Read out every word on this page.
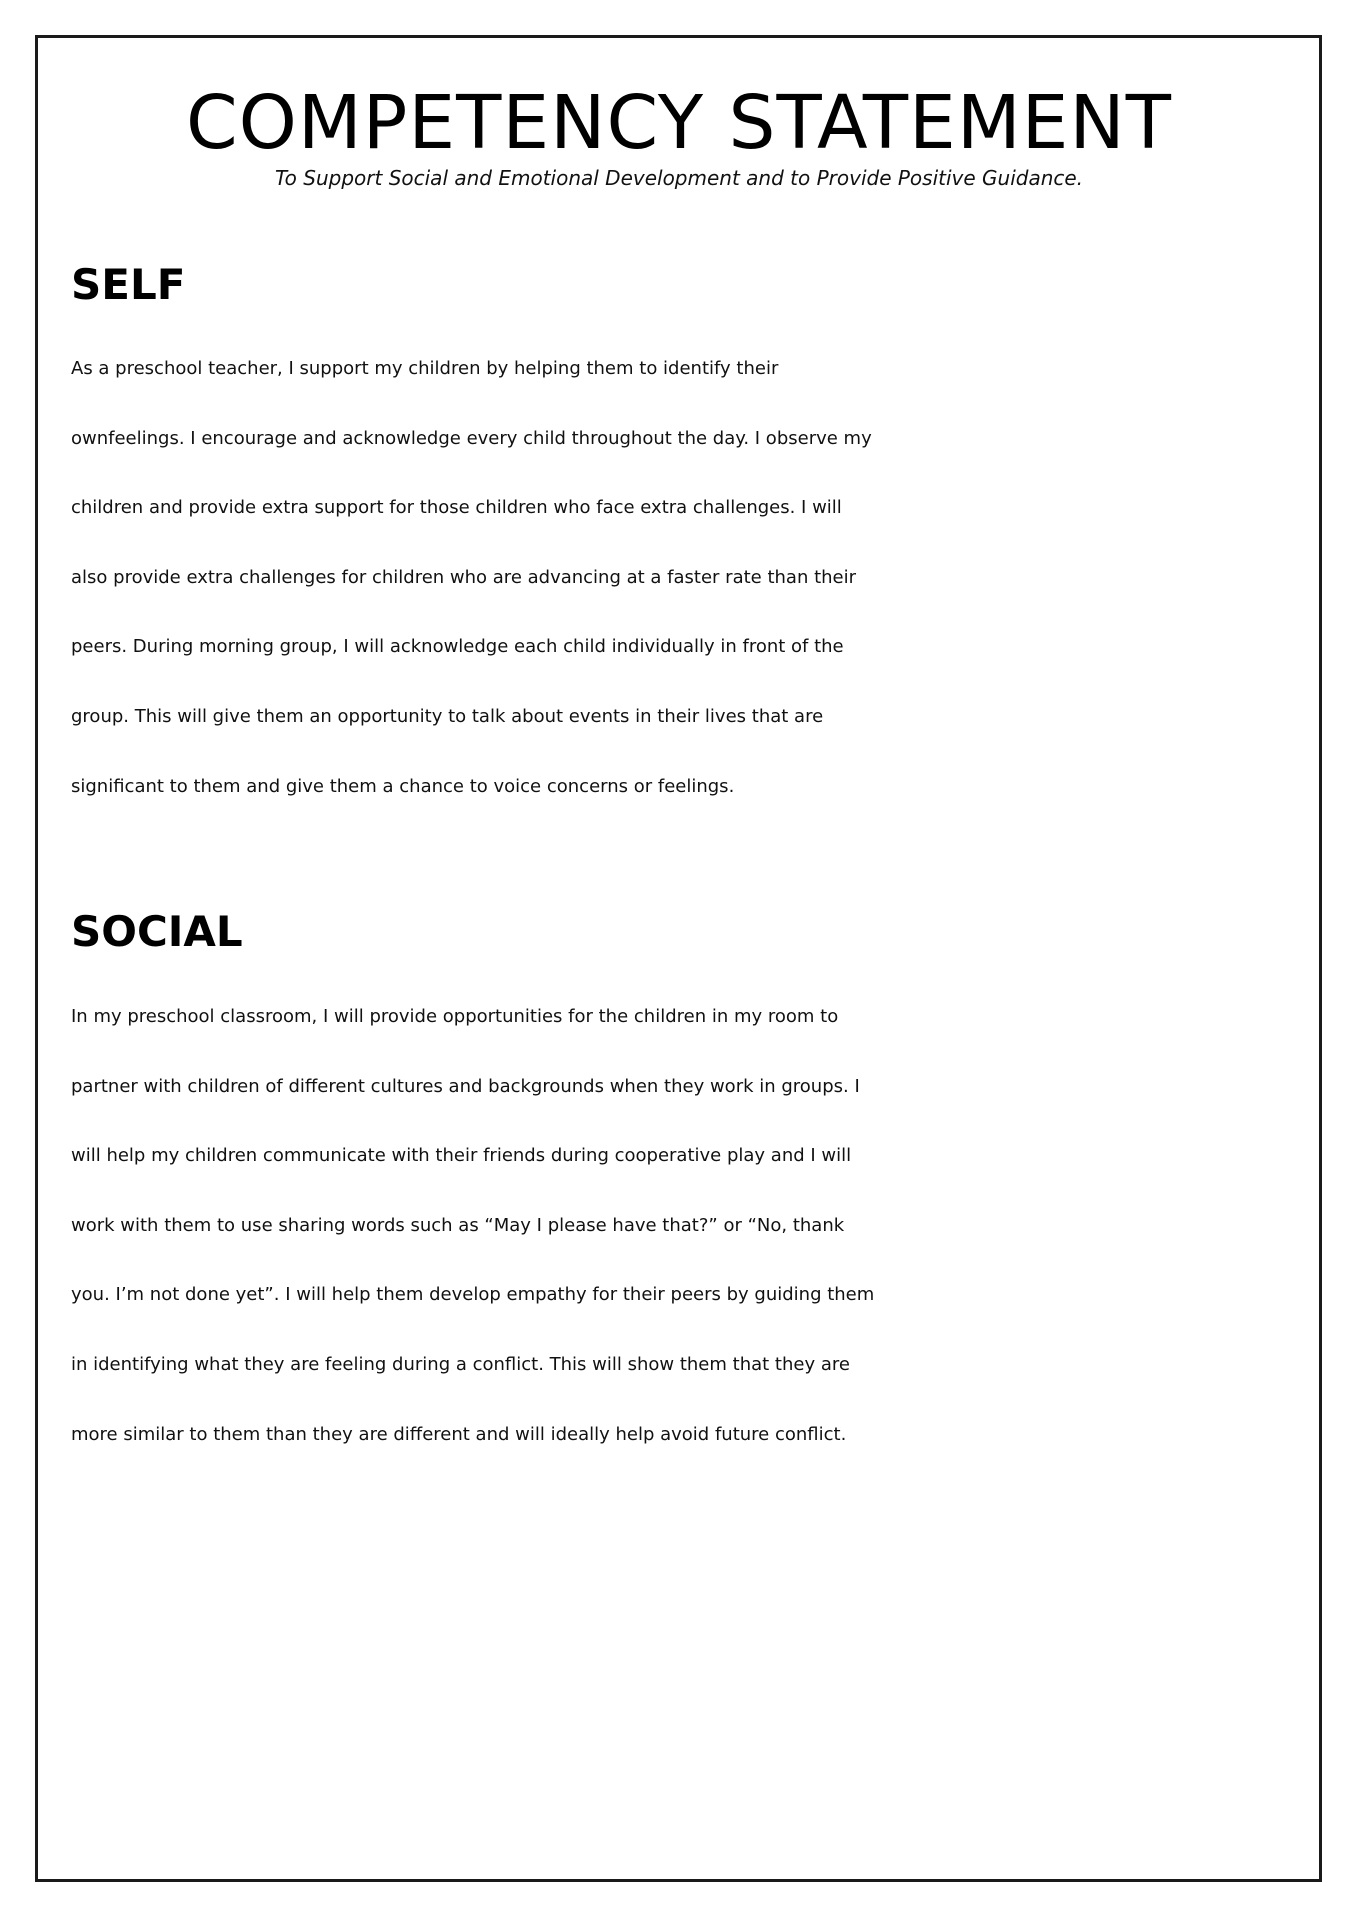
COMPETENCY STATEMENT
To Support Social and Emotional Development and to Provide Positive Guidance.
SELF
As a preschool teacher, I support my children by helping them to identify their
ownfeelings. I encourage and acknowledge every child throughout the day. I observe my
children and provide extra support for those children who face extra challenges. I will
also provide extra challenges for children who are advancing at a faster rate than their
peers. During morning group, I will acknowledge each child individually in front of the
group. This will give them an opportunity to talk about events in their lives that are
significant to them and give them a chance to voice concerns or feelings.
SOCIAL
In my preschool classroom, I will provide opportunities for the children in my room to
partner with children of different cultures and backgrounds when they work in groups. I
will help my children communicate with their friends during cooperative play and I will
work with them to use sharing words such as “May I please have that?” or “No, thank
you. I’m not done yet”. I will help them develop empathy for their peers by guiding them
in identifying what they are feeling during a conflict. This will show them that they are
more similar to them than they are different and will ideally help avoid future conflict.
